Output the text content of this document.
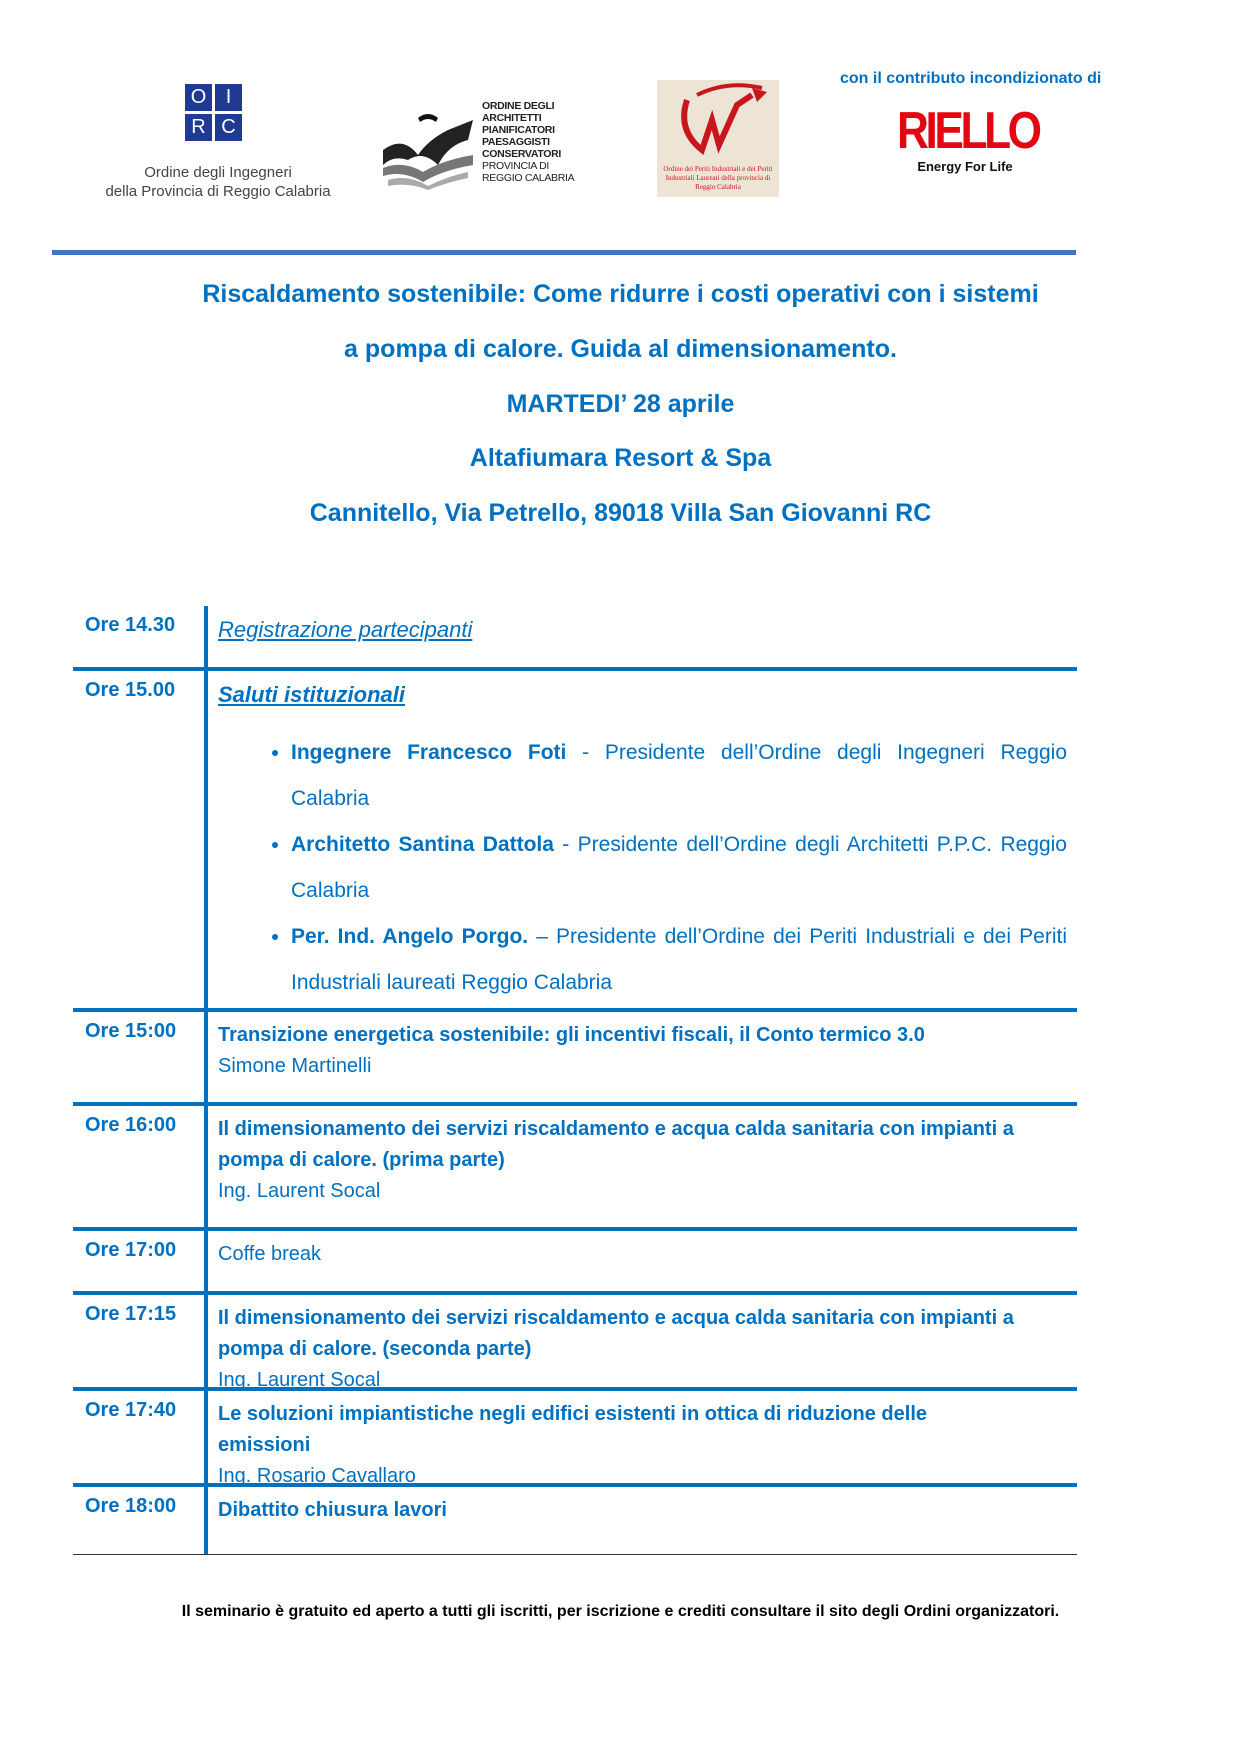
O I
R C
Ordine degli Ingegneri
della Provincia di Reggio Calabria
ORDINE DEGLI
ARCHITETTI
PIANIFICATORI
PAESAGGISTI
CONSERVATORI
PROVINCIA DI
REGGIO CALABRIA
Ordine dei Periti Industriali e dei Periti Industriali Laureati della provincia di Reggio Calabria
con il contributo incondizionato di
RIELLO
Energy For Life
Riscaldamento sostenibile: Come ridurre i costi operativi con i sistemi
a pompa di calore. Guida al dimensionamento.
MARTEDI’ 28 aprile
Altafiumara Resort & Spa
Cannitello, Via Petrello, 89018 Villa San Giovanni RC
Ore 14.30 Registrazione partecipanti
Ore 15.00 Saluti istituzionali
• Ingegnere Francesco Foti - Presidente dell’Ordine degli Ingegneri Reggio Calabria
• Architetto Santina Dattola - Presidente dell’Ordine degli Architetti P.P.C. Reggio Calabria
• Per. Ind. Angelo Porgo. – Presidente dell’Ordine dei Periti Industriali e dei Periti Industriali laureati Reggio Calabria
Ore 15:00 Transizione energetica sostenibile: gli incentivi fiscali, il Conto termico 3.0
Simone Martinelli
Ore 16:00 Il dimensionamento dei servizi riscaldamento e acqua calda sanitaria con impianti a pompa di calore. (prima parte)
Ing. Laurent Socal
Ore 17:00 Coffe break
Ore 17:15 Il dimensionamento dei servizi riscaldamento e acqua calda sanitaria con impianti a pompa di calore. (seconda parte)
Ing. Laurent Socal
Ore 17:40 Le soluzioni impiantistiche negli edifici esistenti in ottica di riduzione delle emissioni
Ing. Rosario Cavallaro
Ore 18:00 Dibattito chiusura lavori
Il seminario è gratuito ed aperto a tutti gli iscritti, per iscrizione e crediti consultare il sito degli Ordini organizzatori.
